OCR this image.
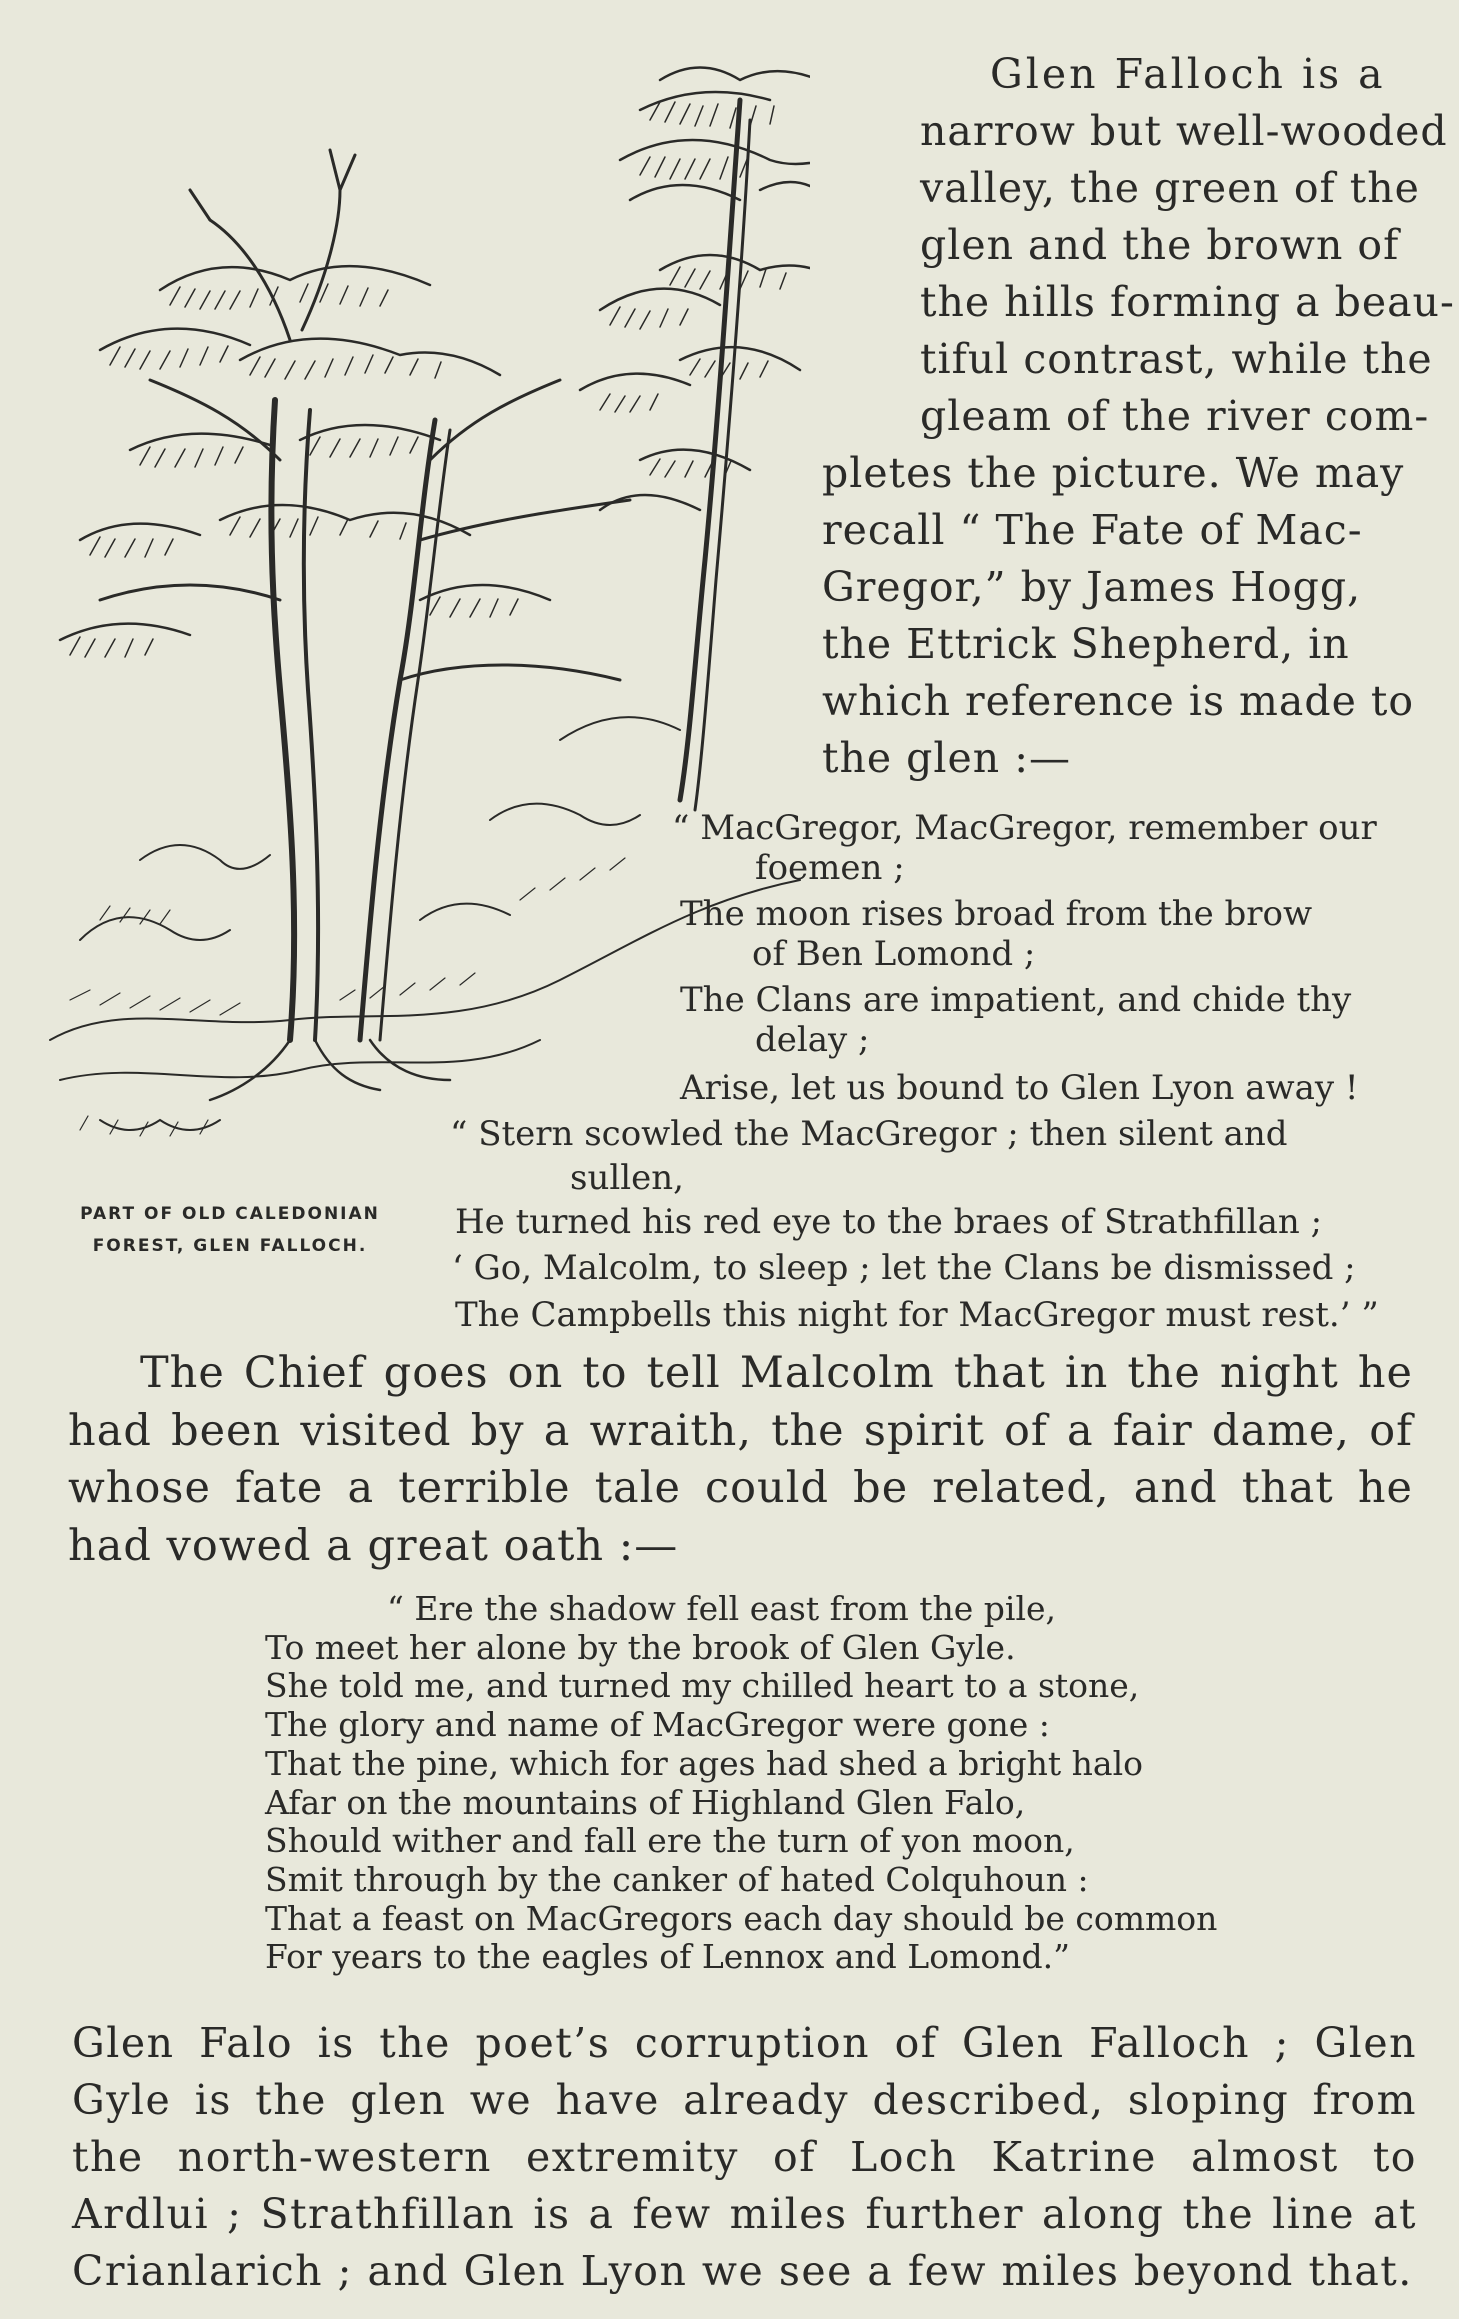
PART OF OLD CALEDONIAN
FOREST, GLEN FALLOCH.
Glen Falloch is a
narrow but well-wooded
valley, the green of the
glen and the brown of
the hills forming a beau-
tiful contrast, while the
gleam of the river com-
pletes the picture. We may
recall “ The Fate of Mac-
Gregor,” by James Hogg,
the Ettrick Shepherd, in
which reference is made to
the glen :—
“ MacGregor, MacGregor, remember our
foemen ;
The moon rises broad from the brow
of Ben Lomond ;
The Clans are impatient, and chide thy
delay ;
Arise, let us bound to Glen Lyon away !
“ Stern scowled the MacGregor ; then silent and
sullen,
He turned his red eye to the braes of Strathfillan ;
‘ Go, Malcolm, to sleep ; let the Clans be dismissed ;
The Campbells this night for MacGregor must rest.’ ”
The Chief goes on to tell Malcolm that in the night he had been visited by a wraith, the spirit of a fair dame, of whose fate a terrible tale could be related, and that he had vowed a great oath :—
“ Ere the shadow fell east from the pile,
To meet her alone by the brook of Glen Gyle.
She told me, and turned my chilled heart to a stone,
The glory and name of MacGregor were gone :
That the pine, which for ages had shed a bright halo
Afar on the mountains of Highland Glen Falo,
Should wither and fall ere the turn of yon moon,
Smit through by the canker of hated Colquhoun :
That a feast on MacGregors each day should be common
For years to the eagles of Lennox and Lomond.”
Glen Falo is the poet’s corruption of Glen Falloch ; Glen Gyle is the glen we have already described, sloping from the north-western extremity of Loch Katrine almost to Ardlui ; Strathfillan is a few miles further along the line at Crianlarich ; and Glen Lyon we see a few miles beyond that.
